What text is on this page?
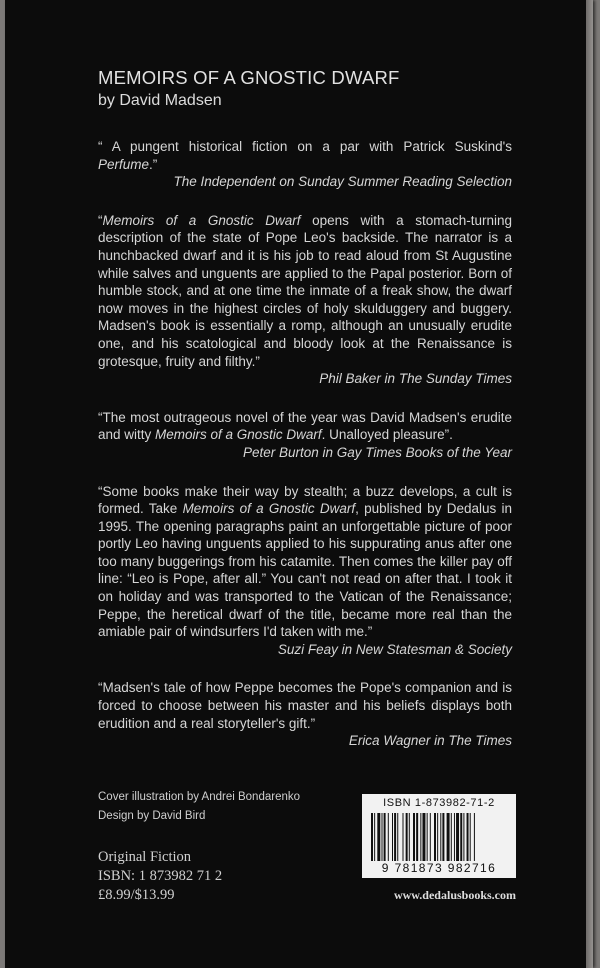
MEMOIRS OF A GNOSTIC DWARF

by David Madsen

“ A pungent historical fiction on a par with Patrick Suskind's Perfume.”

The Independent on Sunday Summer Reading Selection

“Memoirs of a Gnostic Dwarf opens with a stomach-turning description of the state of Pope Leo's backside. The narrator is a hunchbacked dwarf and it is his job to read aloud from St Augustine while salves and unguents are applied to the Papal posterior. Born of humble stock, and at one time the inmate of a freak show, the dwarf now moves in the highest circles of holy skulduggery and buggery. Madsen's book is essentially a romp, although an unusually erudite one, and his scatological and bloody look at the Renaissance is grotesque, fruity and filthy.”

Phil Baker in The Sunday Times

“The most outrageous novel of the year was David Madsen's erudite and witty Memoirs of a Gnostic Dwarf. Unalloyed pleasure”.

Peter Burton in Gay Times Books of the Year

“Some books make their way by stealth; a buzz develops, a cult is formed. Take Memoirs of a Gnostic Dwarf, published by Dedalus in 1995. The opening paragraphs paint an unforgettable picture of poor portly Leo having unguents applied to his suppurating anus after one too many buggerings from his catamite. Then comes the killer pay off line: “Leo is Pope, after all.” You can't not read on after that. I took it on holiday and was transported to the Vatican of the Renaissance; Peppe, the heretical dwarf of the title, became more real than the amiable pair of windsurfers I'd taken with me.”

Suzi Feay in New Statesman & Society

“Madsen's tale of how Peppe becomes the Pope's companion and is forced to choose between his master and his beliefs displays both erudition and a real storyteller's gift.”

Erica Wagner in The Times

Cover illustration by Andrei Bondarenko
Design by David Bird
Original Fiction
ISBN: 1 873982 71 2
£8.99/$13.99
ISBN 1-873982-71-2
9 781873 982716
www.dedalusbooks.com
